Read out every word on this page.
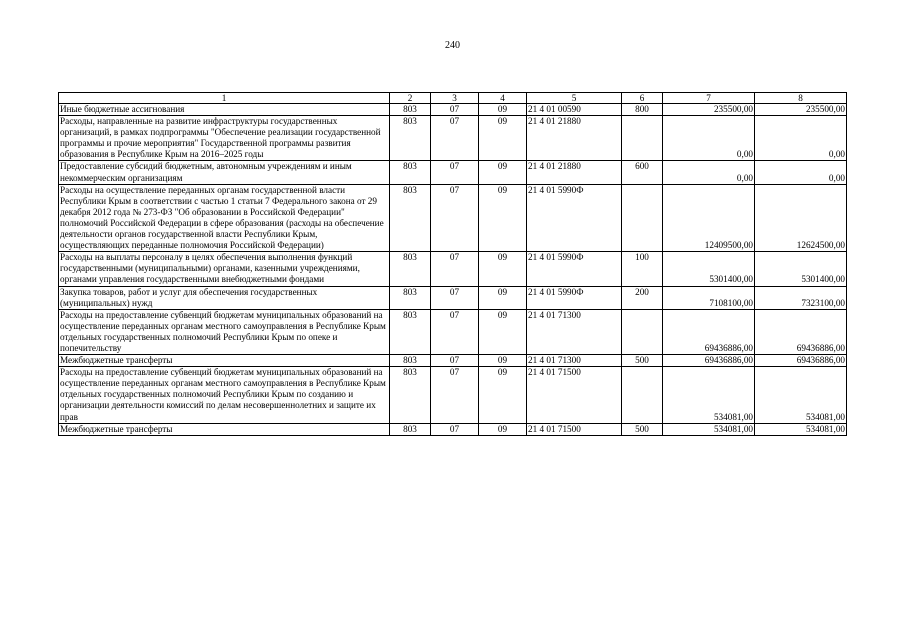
240
1	2	3	4	5	6	7	8
Иные бюджетные ассигнования	803	07	09	21 4 01 00590	800	235500,00	235500,00
Расходы, направленные на развитие инфраструктуры государственных организаций, в рамках подпрограммы "Обеспечение реализации государственной программы и прочие мероприятия" Государственной программы развития образования в Республике Крым на 2016–2025 годы	803	07	09	21 4 01 21880		0,00	0,00
Предоставление субсидий бюджетным, автономным учреждениям и иным некоммерческим организациям	803	07	09	21 4 01 21880	600	0,00	0,00
Расходы на осуществление переданных органам государственной власти Республики Крым в соответствии с частью 1 статьи 7 Федерального закона от 29 декабря 2012 года № 273-ФЗ "Об образовании в Российской Федерации" полномочий Российской Федерации в сфере образования (расходы на обеспечение деятельности органов государственной власти Республики Крым, осуществляющих переданные полномочия Российской Федерации)	803	07	09	21 4 01 5990Ф		12409500,00	12624500,00
Расходы на выплаты персоналу в целях обеспечения выполнения функций государственными (муниципальными) органами, казенными учреждениями, органами управления государственными внебюджетными фондами	803	07	09	21 4 01 5990Ф	100	5301400,00	5301400,00
Закупка товаров, работ и услуг для обеспечения государственных (муниципальных) нужд	803	07	09	21 4 01 5990Ф	200	7108100,00	7323100,00
Расходы на предоставление субвенций бюджетам муниципальных образований на осуществление переданных органам местного самоуправления в Республике Крым отдельных государственных полномочий Республики Крым по опеке и попечительству	803	07	09	21 4 01 71300		69436886,00	69436886,00
Межбюджетные трансферты	803	07	09	21 4 01 71300	500	69436886,00	69436886,00
Расходы на предоставление субвенций бюджетам муниципальных образований на осуществление переданных органам местного самоуправления в Республике Крым отдельных государственных полномочий Республики Крым по созданию и организации деятельности комиссий по делам несовершеннолетних и защите их прав	803	07	09	21 4 01 71500		534081,00	534081,00
Межбюджетные трансферты	803	07	09	21 4 01 71500	500	534081,00	534081,00
